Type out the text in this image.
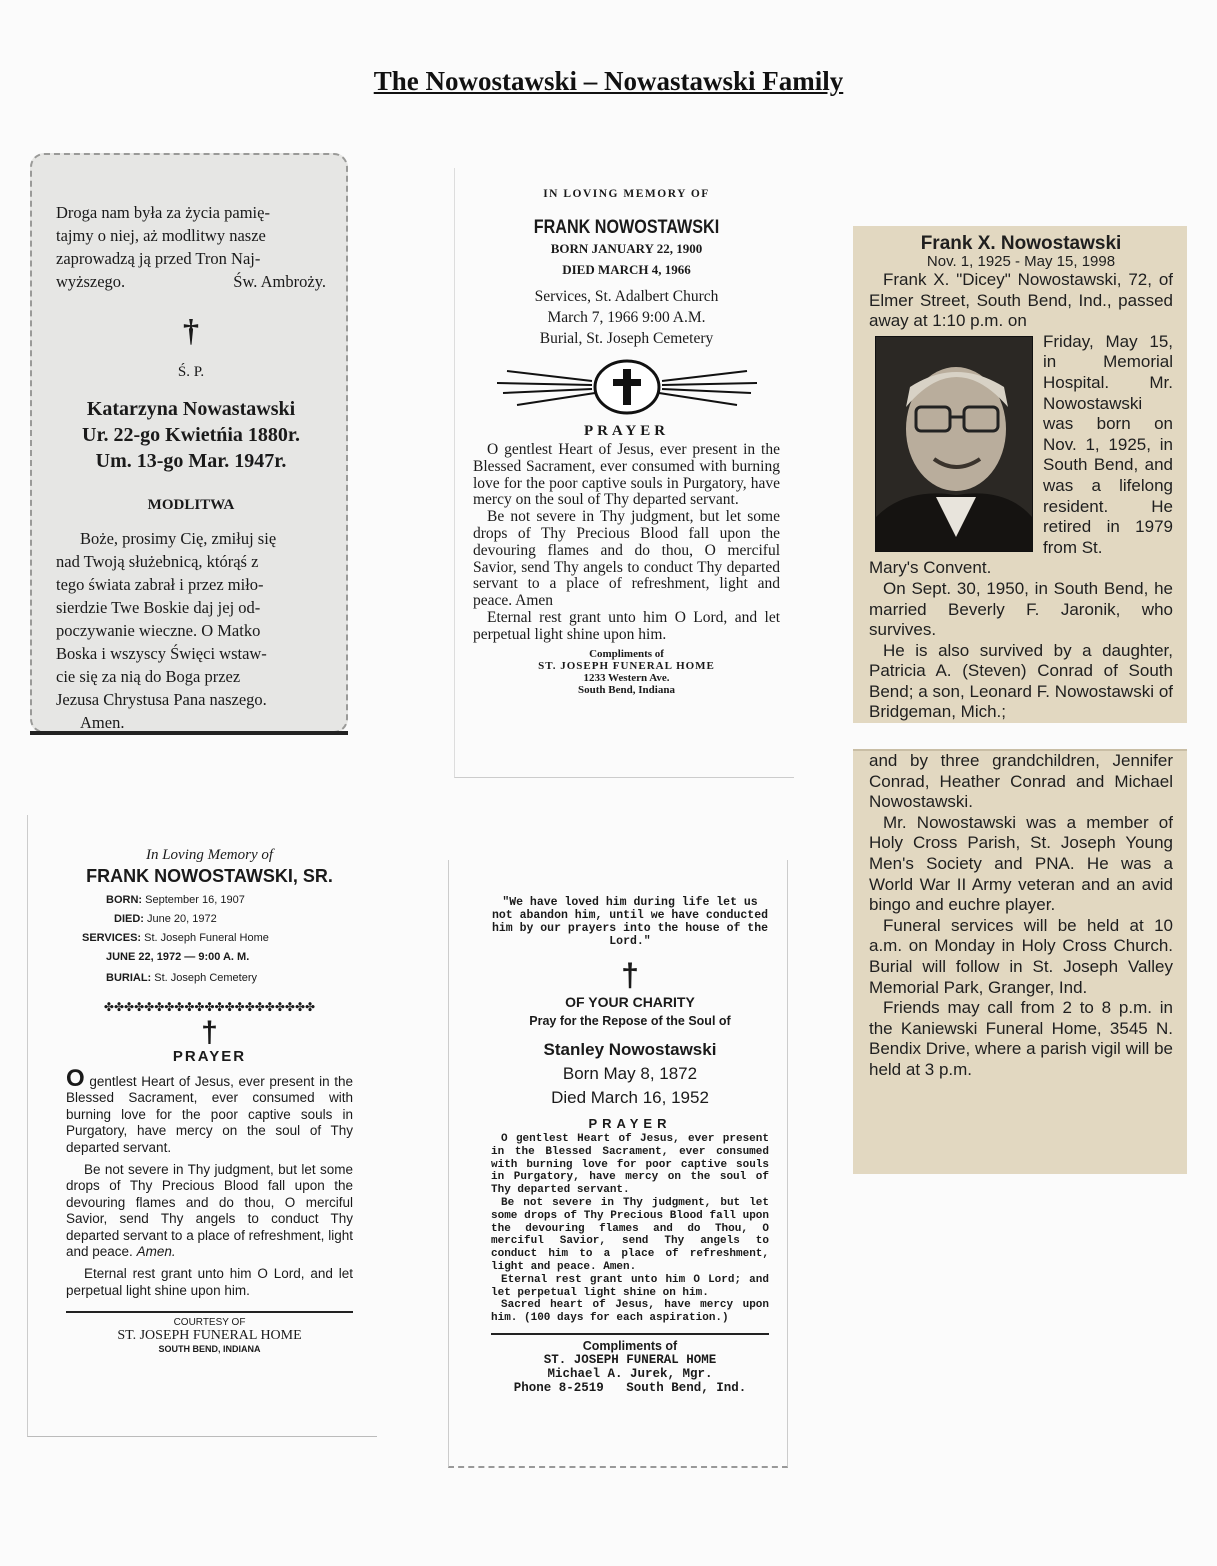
The Nowostawski – Nowastawski Family

Droga nam była za życia pamię-

tajmy o niej, aż modlitwy nasze

zaprowadzą ją przed Tron Naj-

wyższego.	Św. Ambroży.

†
Ś. P.
Katarzyna Nowastawski
Ur. 22-go Kwietńia 1880r.
Um. 13-go Mar. 1947r.
MODLITWA

Boże, prosimy Cię, zmiłuj się

nad Twoją służebnicą, którąś z

tego świata zabrał i przez miło-

sierdzie Twe Boskie daj jej od-

poczywanie wieczne. O Matko

Boska i wszyscy Święci wstaw-

cie się za nią do Boga przez

Jezusa Chrystusa Pana naszego.

Amen.

IN LOVING MEMORY OF
FRANK NOWOSTAWSKI
BORN JANUARY 22, 1900
DIED MARCH 4, 1966
Services, St. Adalbert Church
March 7, 1966 9:00 A.M.
Burial, St. Joseph Cemetery
PRAYER

O gentlest Heart of Jesus, ever present in the Blessed Sacrament, ever consumed with burning love for the poor captive souls in Purgatory, have mercy on the soul of Thy departed servant.

Be not severe in Thy judgment, but let some drops of Thy Precious Blood fall upon the devouring flames and do thou, O merciful Savior, send Thy angels to conduct Thy departed servant to a place of refreshment, light and peace. Amen

Eternal rest grant unto him O Lord, and let perpetual light shine upon him.

Compliments of
ST. JOSEPH FUNERAL HOME
1233 Western Ave.
South Bend, Indiana
Frank X. Nowostawski
Nov. 1, 1925 - May 15, 1998

Frank X. "Dicey" Nowostawski, 72, of Elmer Street, South Bend, Ind., passed away at 1:10 p.m. on

Friday, May 15, in Memorial Hospital. Mr. Nowostawski was born on Nov. 1, 1925, in South Bend, and was a lifelong resident. He retired in 1979 from St.

Mary's Convent.

On Sept. 30, 1950, in South Bend, he married Beverly F. Jaronik, who survives.

He is also survived by a daughter, Patricia A. (Steven) Conrad of South Bend; a son, Leonard F. Nowostawski of Bridgeman, Mich.;

and by three grandchildren, Jennifer Conrad, Heather Conrad and Michael Nowostawski.

Mr. Nowostawski was a member of Holy Cross Parish, St. Joseph Young Men's Society and PNA. He was a World War II Army veteran and an avid bingo and euchre player.

Funeral services will be held at 10 a.m. on Monday in Holy Cross Church. Burial will follow in St. Joseph Valley Memorial Park, Granger, Ind.

Friends may call from 2 to 8 p.m. in the Kaniewski Funeral Home, 3545 N. Bendix Drive, where a parish vigil will be held at 3 p.m.

In Loving Memory of
FRANK NOWOSTAWSKI, SR.
BORN: September 16, 1907
DIED: June 20, 1972
SERVICES: St. Joseph Funeral Home
JUNE 22, 1972 — 9:00 A. M.
BURIAL: St. Joseph Cemetery
✤✤✤✤✤✤✤✤✤✤✤✤✤✤✤✤✤✤✤✤✤
†
PRAYER

O gentlest Heart of Jesus, ever present in the Blessed Sacrament, ever consumed with burning love for the poor captive souls in Purgatory, have mercy on the soul of Thy departed servant.

Be not severe in Thy judgment, but let some drops of Thy Precious Blood fall upon the devouring flames and do thou, O merciful Savior, send Thy angels to conduct Thy departed servant to a place of refreshment, light and peace. Amen.

Eternal rest grant unto him O Lord, and let perpetual light shine upon him.

COURTESY OF
ST. JOSEPH FUNERAL HOME
SOUTH BEND, INDIANA
"We have loved him during life let us not abandon him, until we have conducted him by our prayers into the house of the Lord."
†
OF YOUR CHARITY
Pray for the Repose of the Soul of
Stanley Nowostawski
Born May 8, 1872
Died March 16, 1952
PRAYER

O gentlest Heart of Jesus, ever present in the Blessed Sacrament, ever consumed with burning love for poor captive souls in Purgatory, have mercy on the soul of Thy departed servant.

Be not severe in Thy judgment, but let some drops of Thy Precious Blood fall upon the devouring flames and do Thou, O merciful Savior, send Thy angels to conduct him to a place of refreshment, light and peace. Amen.

Eternal rest grant unto him O Lord; and let perpetual light shine on him.

Sacred heart of Jesus, have mercy upon him. (100 days for each aspiration.)

Compliments of
ST. JOSEPH FUNERAL HOME
Michael A. Jurek, Mgr.
Phone 8-2519 South Bend, Ind.
